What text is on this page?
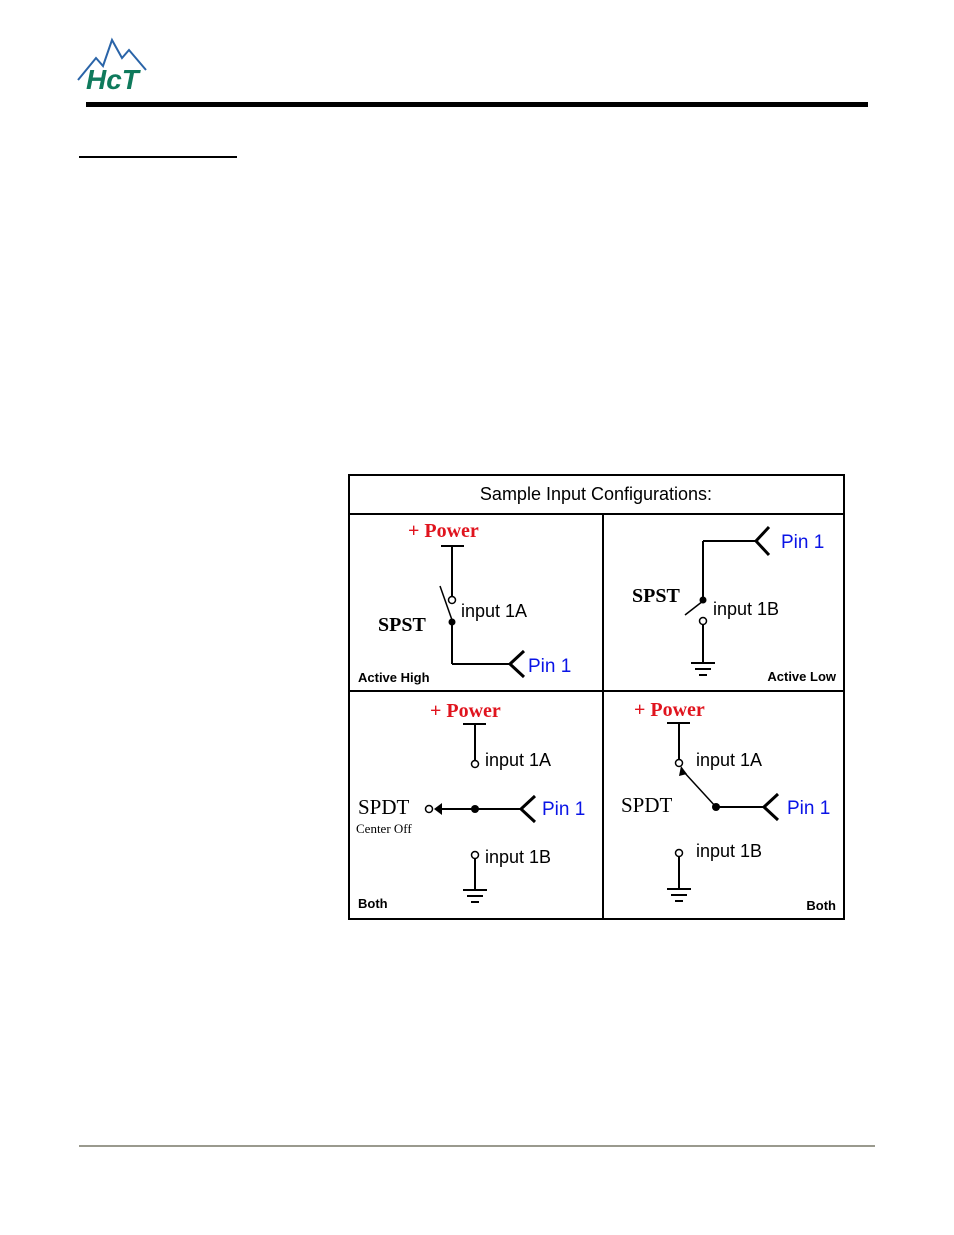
HcT
Sample Input Configurations:
+ Power
input 1A
SPST
Pin 1
Active High
Pin 1
SPST
input 1B
Active Low
+ Power
input 1A
SPDT
Center Off
Pin 1
input 1B
Both
+ Power
input 1A
SPDT	Pin 1
input 1B
Both
